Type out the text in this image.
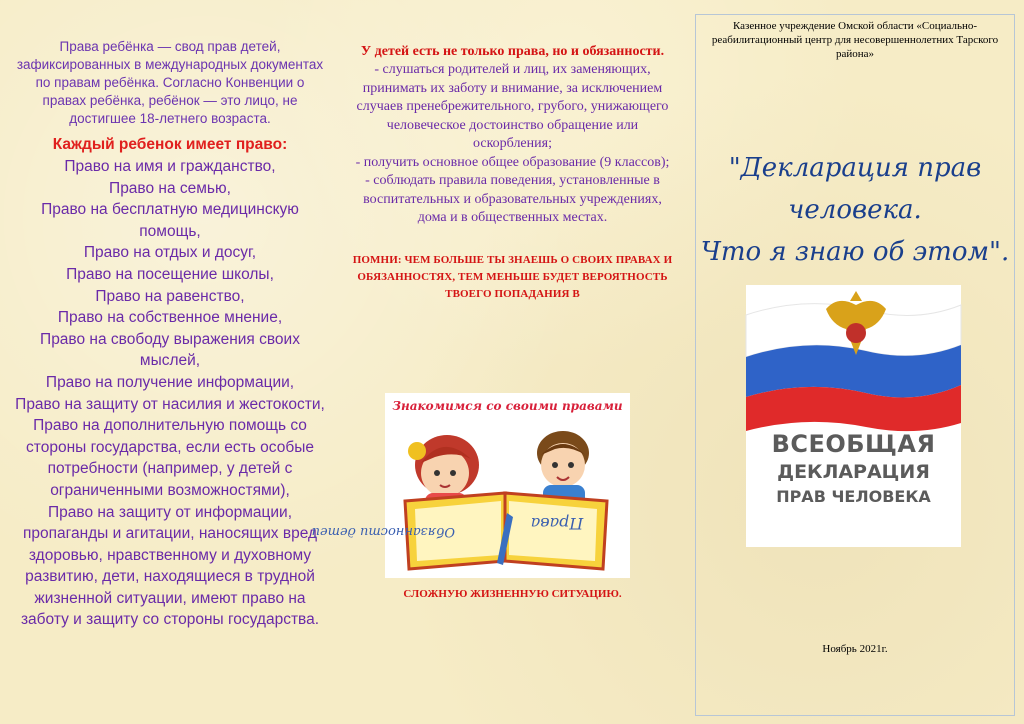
Права ребёнка — свод прав детей, зафиксированных в международных документах по правам ребёнка. Согласно Конвенции о правах ребёнка, ребёнок — это лицо, не достигшее 18-летнего возраста.
Каждый ребенок имеет право:
Право на имя и гражданство,
Право на семью,
Право на бесплатную медицинскую помощь,
Право на отдых и досуг,
Право на посещение школы,
Право на равенство,
Право на собственное мнение,
Право на свободу выражения своих мыслей,
Право на получение информации,
Право на защиту от насилия и жестокости,
Право на дополнительную помощь со стороны государства, если есть особые потребности (например, у детей с ограниченными возможностями),
Право на защиту от информации, пропаганды и агитации, наносящих вред здоровью, нравственному и духовному развитию, дети, находящиеся в трудной жизненной ситуации, имеют право на заботу и защиту со стороны государства.
У детей есть не только права, но и обязанности.
- слушаться родителей и лиц, их заменяющих, принимать их заботу и внимание, за исключением случаев пренебрежительного, грубого, унижающего человеческое достоинство обращение или оскорбления;
- получить основное общее образование (9 классов);
- соблюдать правила поведения, установленные в воспитательных и образовательных учреждениях, дома и в общественных местах.
ПОМНИ: ЧЕМ БОЛЬШЕ ТЫ ЗНАЕШЬ О СВОИХ ПРАВАХ И ОБЯЗАННОСТЯХ, ТЕМ МЕНЬШЕ БУДЕТ ВЕРОЯТНОСТЬ ТВОЕГО ПОПАДАНИЯ В
СЛОЖНУЮ ЖИЗНЕННУЮ СИТУАЦИЮ.
Знакомимся со своими правами
Обязанности детей	Права
Казенное учреждение Омской области «Социально-реабилитационный центр для несовершеннолетних Тарского района»
"Декларация прав
человека.
Что я знаю об этом".
Ноябрь 2021г.
ВСЕОБЩАЯ
ДЕКЛАРАЦИЯ
ПРАВ ЧЕЛОВЕКА
